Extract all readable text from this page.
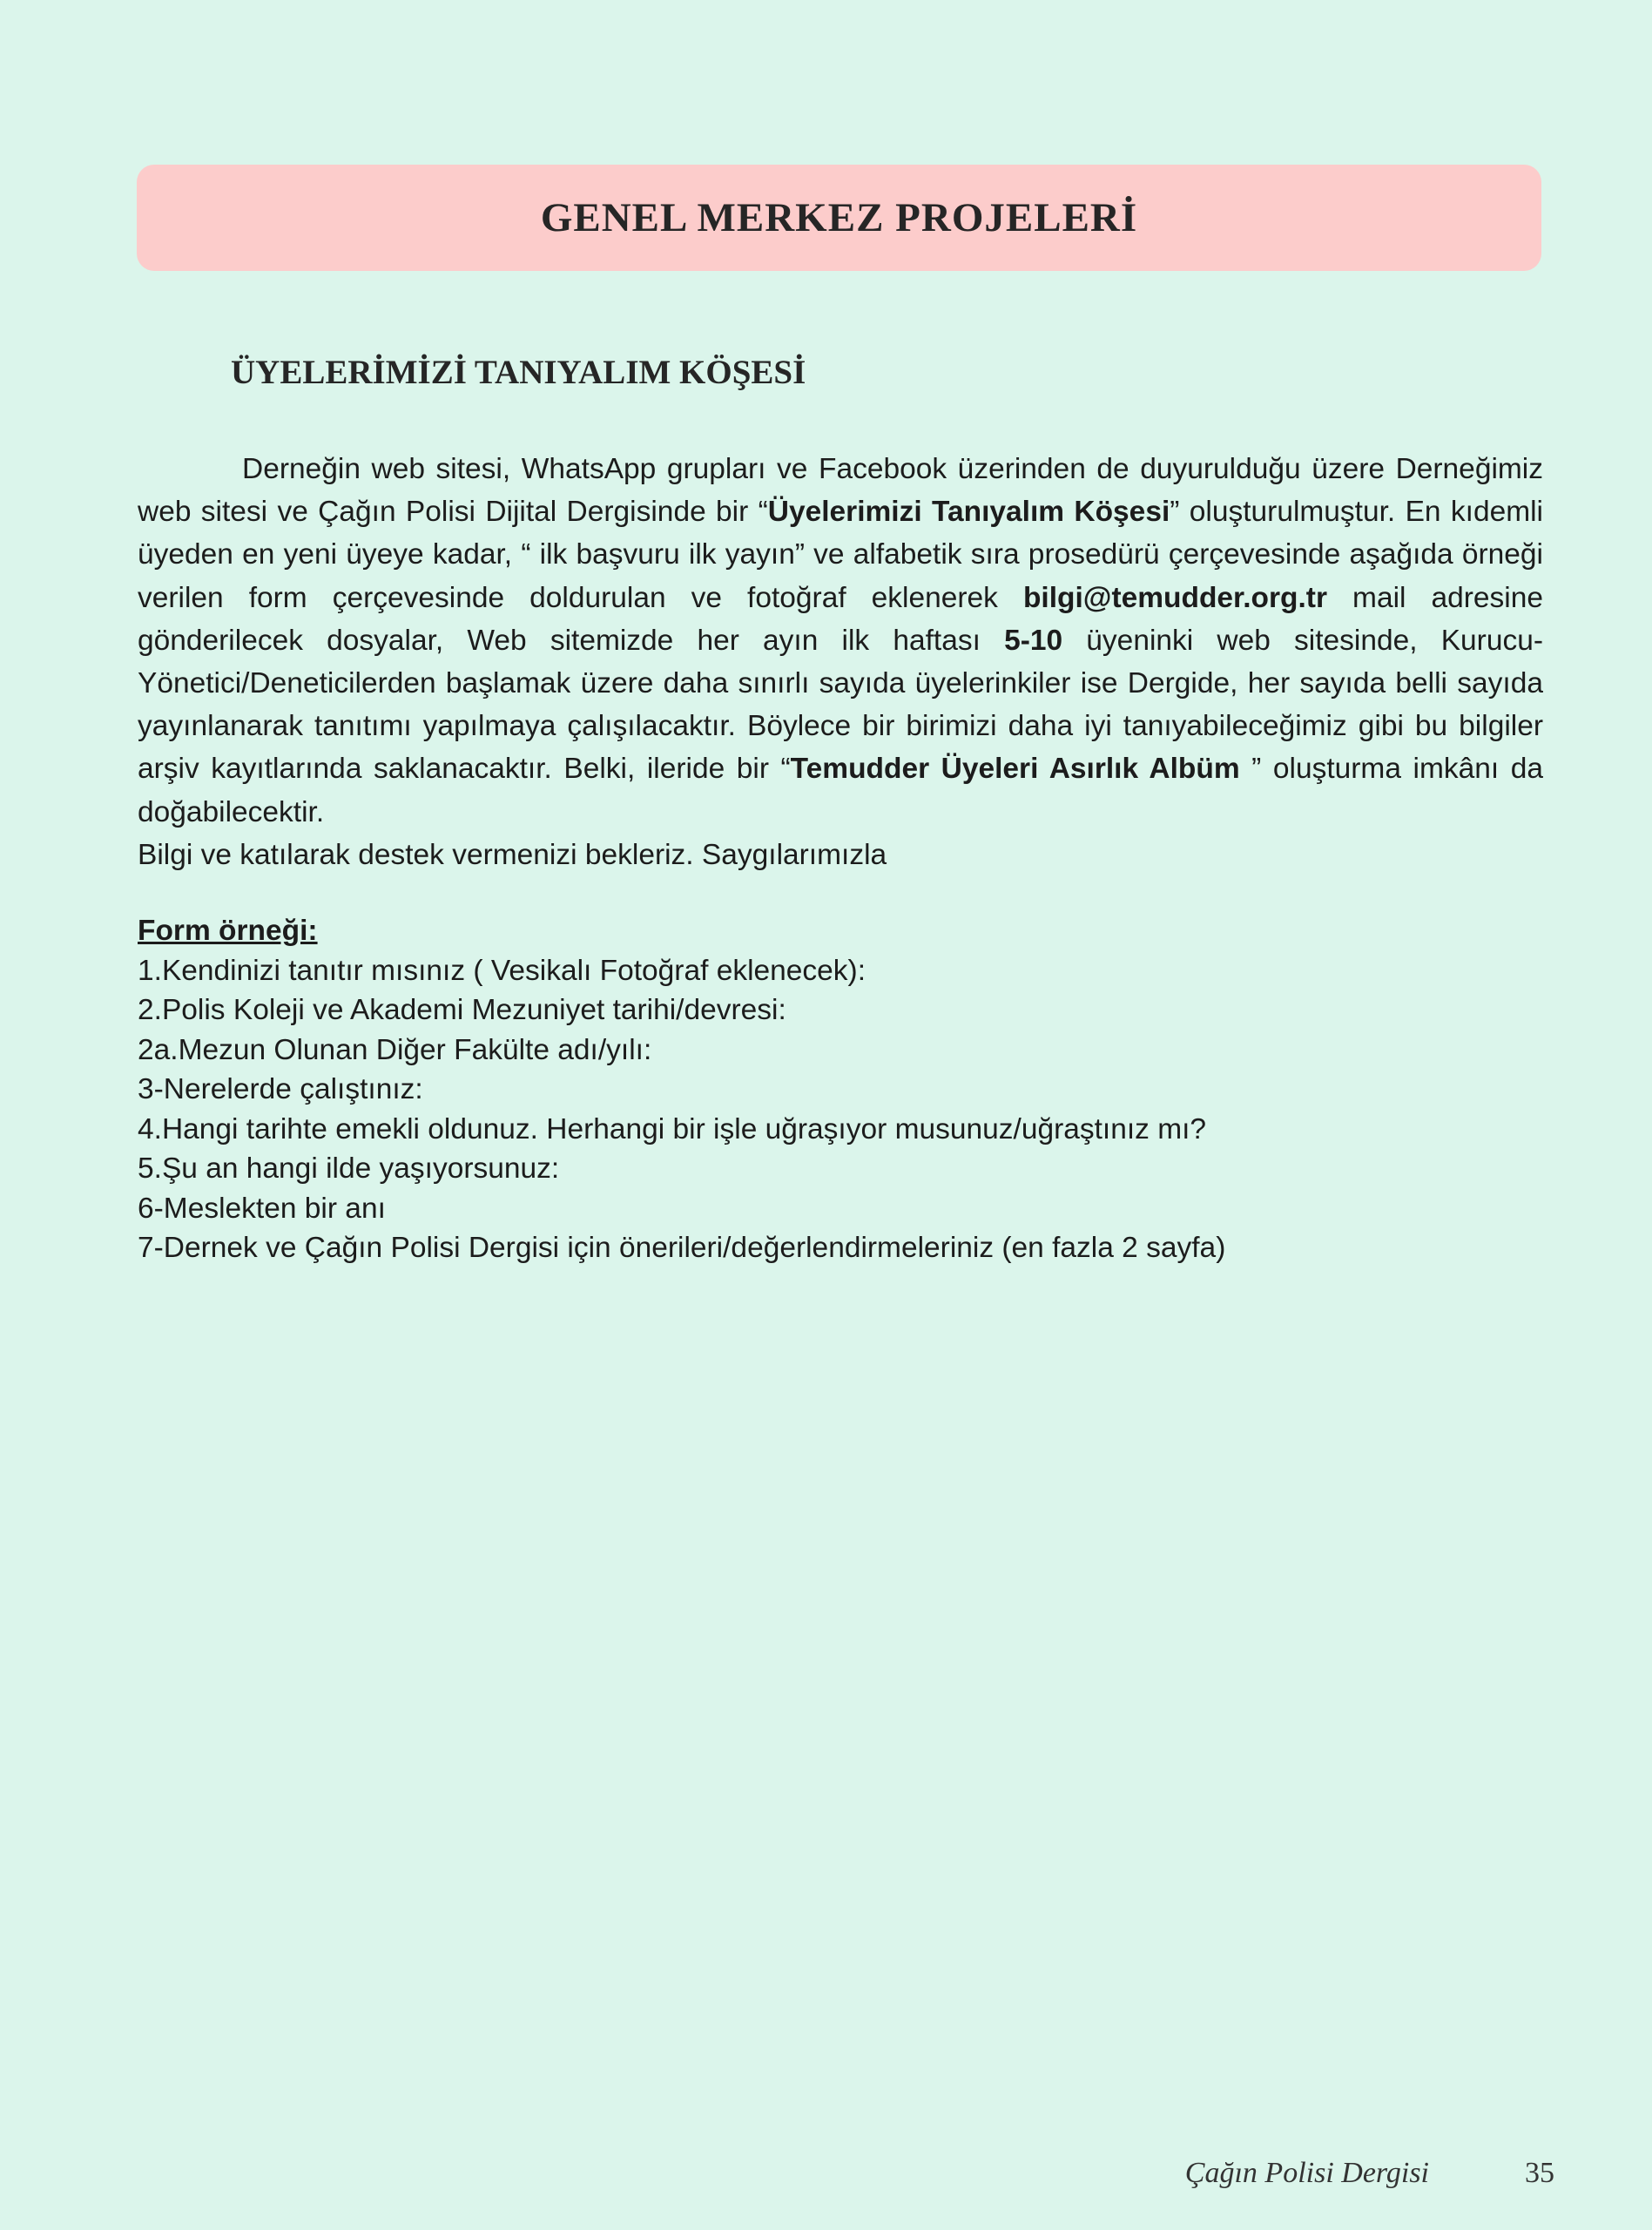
GENEL MERKEZ PROJELERİ
ÜYELERİMİZİ TANIYALIM KÖŞESİ

Derneğin web sitesi, WhatsApp grupları ve Facebook üzerinden de duyurulduğu üzere Derneğimiz web sitesi ve Çağın Polisi Dijital Dergisinde bir “Üyelerimizi Tanıyalım Köşesi” oluşturulmuştur. En kıdemli üyeden en yeni üyeye kadar, “ ilk başvuru ilk yayın” ve alfabetik sıra prosedürü çerçevesinde aşağıda örneği verilen form çerçevesinde doldurulan ve fotoğraf eklenerek bilgi@temudder.org.tr mail adresine gönderilecek dosyalar, Web sitemizde her ayın ilk haftası 5-10 üyeninki web sitesinde, Kurucu-Yönetici/Deneticilerden başlamak üzere daha sınırlı sayıda üyelerinkiler ise Dergide, her sayıda belli sayıda yayınlanarak tanıtımı yapılmaya çalışılacaktır. Böylece bir birimizi daha iyi tanıyabileceğimiz gibi bu bilgiler arşiv kayıtlarında saklanacaktır. Belki, ileride bir “Temudder Üyeleri Asırlık Albüm ” oluşturma imkânı da doğabilecektir.

Bilgi ve katılarak destek vermenizi bekleriz. Saygılarımızla

Form örneği:
1.Kendinizi tanıtır mısınız ( Vesikalı Fotoğraf eklenecek):
2.Polis Koleji ve Akademi Mezuniyet tarihi/devresi:
2a.Mezun Olunan Diğer Fakülte adı/yılı:
3-Nerelerde çalıştınız:
4.Hangi tarihte emekli oldunuz. Herhangi bir işle uğraşıyor musunuz/uğraştınız mı?
5.Şu an hangi ilde yaşıyorsunuz:
6-Meslekten bir anı
7-Dernek ve Çağın Polisi Dergisi için önerileri/değerlendirmeleriniz (en fazla 2 sayfa)
Çağın Polisi Dergisi	35
